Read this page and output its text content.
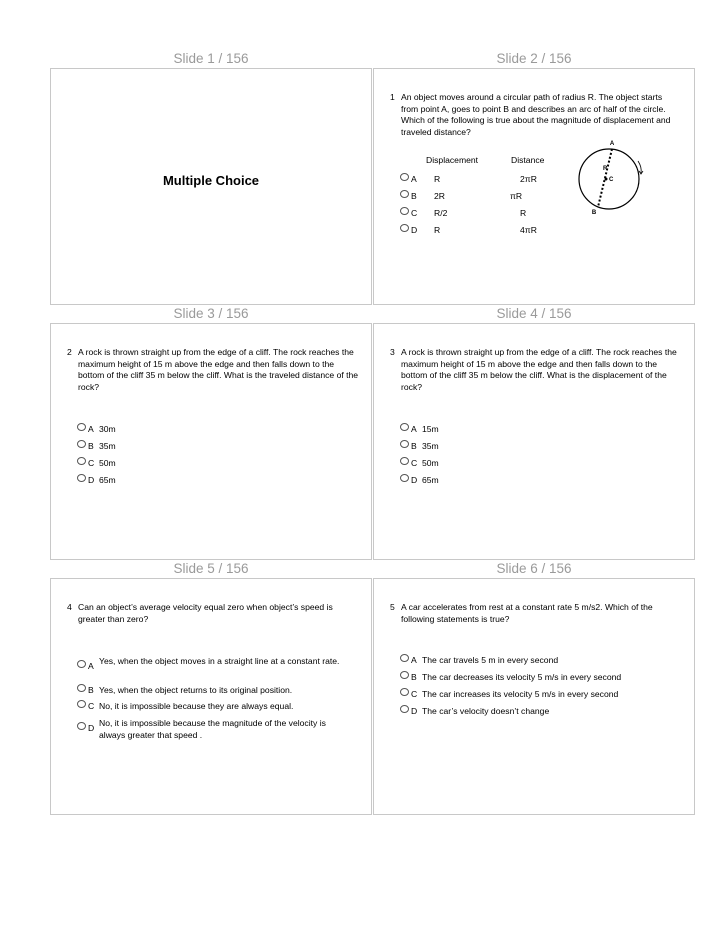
Slide 1 / 156	Slide 2 / 156
Slide 3 / 156	Slide 4 / 156
Slide 5 / 156	Slide 6 / 156
Multiple Choice
1 An object moves around a circular path of radius R. The object starts from point A, goes to point B and describes an arc of half of the circle. Which of the following is true about the magnitude of displacement and traveled distance?
Displacement	Distance
A R	2πR
B 2R	πR
C R/2	R
D R	4πR
A
B
C
R
2 A rock is thrown straight up from the edge of a cliff. The rock reaches the maximum height of 15 m above the edge and then falls down to the bottom of the cliff 35 m below the cliff. What is the traveled distance of the rock?
A 30m
B 35m
C 50m
D 65m
3 A rock is thrown straight up from the edge of a cliff. The rock reaches the maximum height of 15 m above the edge and then falls down to the bottom of the cliff 35 m below the cliff. What is the displacement of the rock?
A 15m
B 35m
C 50m
D 65m
4 Can an object’s average velocity equal zero when object’s speed is greater than zero?
A Yes, when the object moves in a straight line at a constant rate.
B Yes, when the object returns to its original position.
C No, it is impossible because they are always equal.
D No, it is impossible because the magnitude of the velocity is always greater that speed .
5 A car accelerates from rest at a constant rate 5 m/s2. Which of the following statements is true?
A The car travels 5 m in every second
B The car decreases its velocity 5 m/s in every second
C The car increases its velocity 5 m/s in every second
D The car’s velocity doesn’t change
